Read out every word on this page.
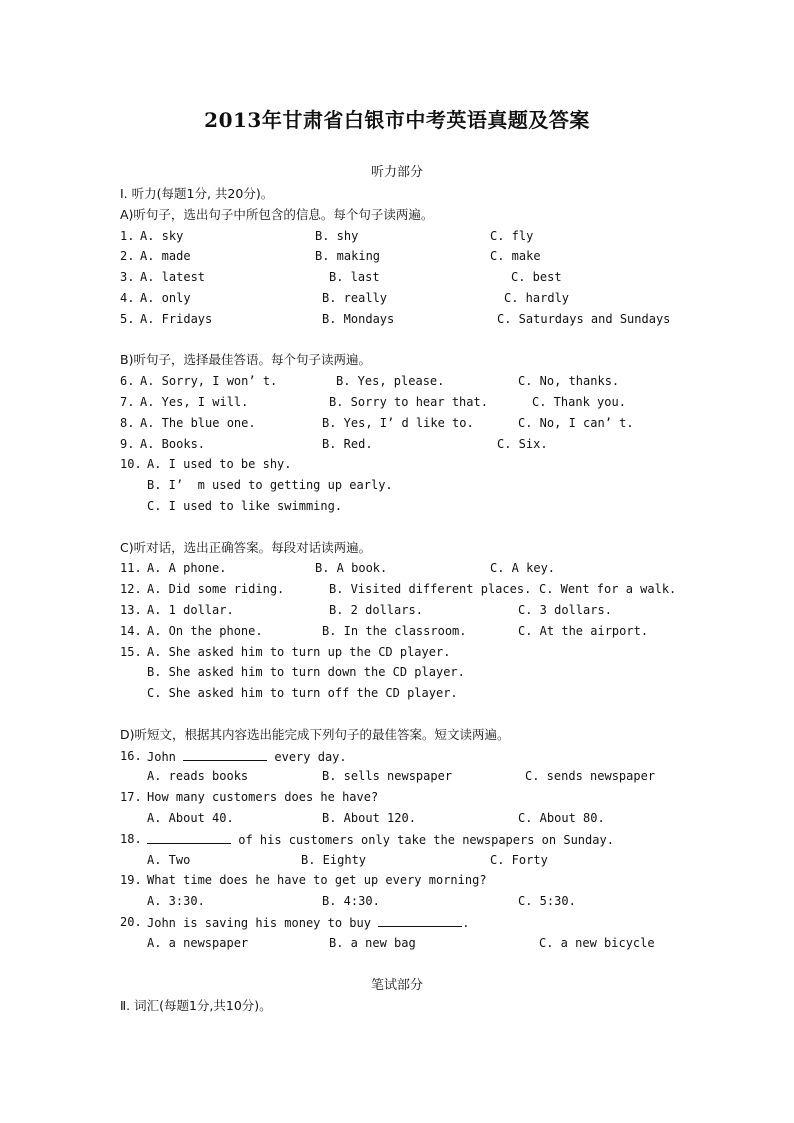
2013年甘肃省白银市中考英语真题及答案
听力部分
Ⅰ. 听力(每题1分, 共20分)。
A)听句子，选出句子中所包含的信息。每个句子读两遍。
1. A. sky	B. shy	C. fly
2. A. made	B. making	C. make
3. A. latest	B. last	C. best
4. A. only	B. really	C. hardly
5. A. Fridays	B. Mondays	C. Saturdays and Sundays
B)听句子，选择最佳答语。每个句子读两遍。
6. A. Sorry, I won’ t.	B. Yes, please.	C. No, thanks.
7. A. Yes, I will.	B. Sorry to hear that.	C. Thank you.
8. A. The blue one.	B. Yes, I’ d like to.	C. No, I can’ t.
9. A. Books.	B. Red.	C. Six.
10. A. I used to be shy.
B. I’  m used to getting up early.
C. I used to like swimming.
C)听对话，选出正确答案。每段对话读两遍。
11. A. A phone.	B. A book.	C. A key.
12. A. Did some riding.	B. Visited different places. C. Went for a walk.
13. A. 1 dollar.	B. 2 dollars.	C. 3 dollars.
14. A. On the phone.	B. In the classroom.	C. At the airport.
15. A. She asked him to turn up the CD player.
B. She asked him to turn down the CD player.
C. She asked him to turn off the CD player.
D)听短文，根据其内容选出能完成下列句子的最佳答案。短文读两遍。
16. John	every day.
A. reads books	B. sells newspaper	C. sends newspaper
17. How many customers does he have?
A. About 40.	B. About 120.	C. About 80.
18.	of his customers only take the newspapers on Sunday.
A. Two	B. Eighty	C. Forty
19. What time does he have to get up every morning?
A. 3:30.	B. 4:30.	C. 5:30.
20. John is saving his money to buy	.
A. a newspaper	B. a new bag	C. a new bicycle
笔试部分
Ⅱ. 词汇(每题1分,共10分)。
